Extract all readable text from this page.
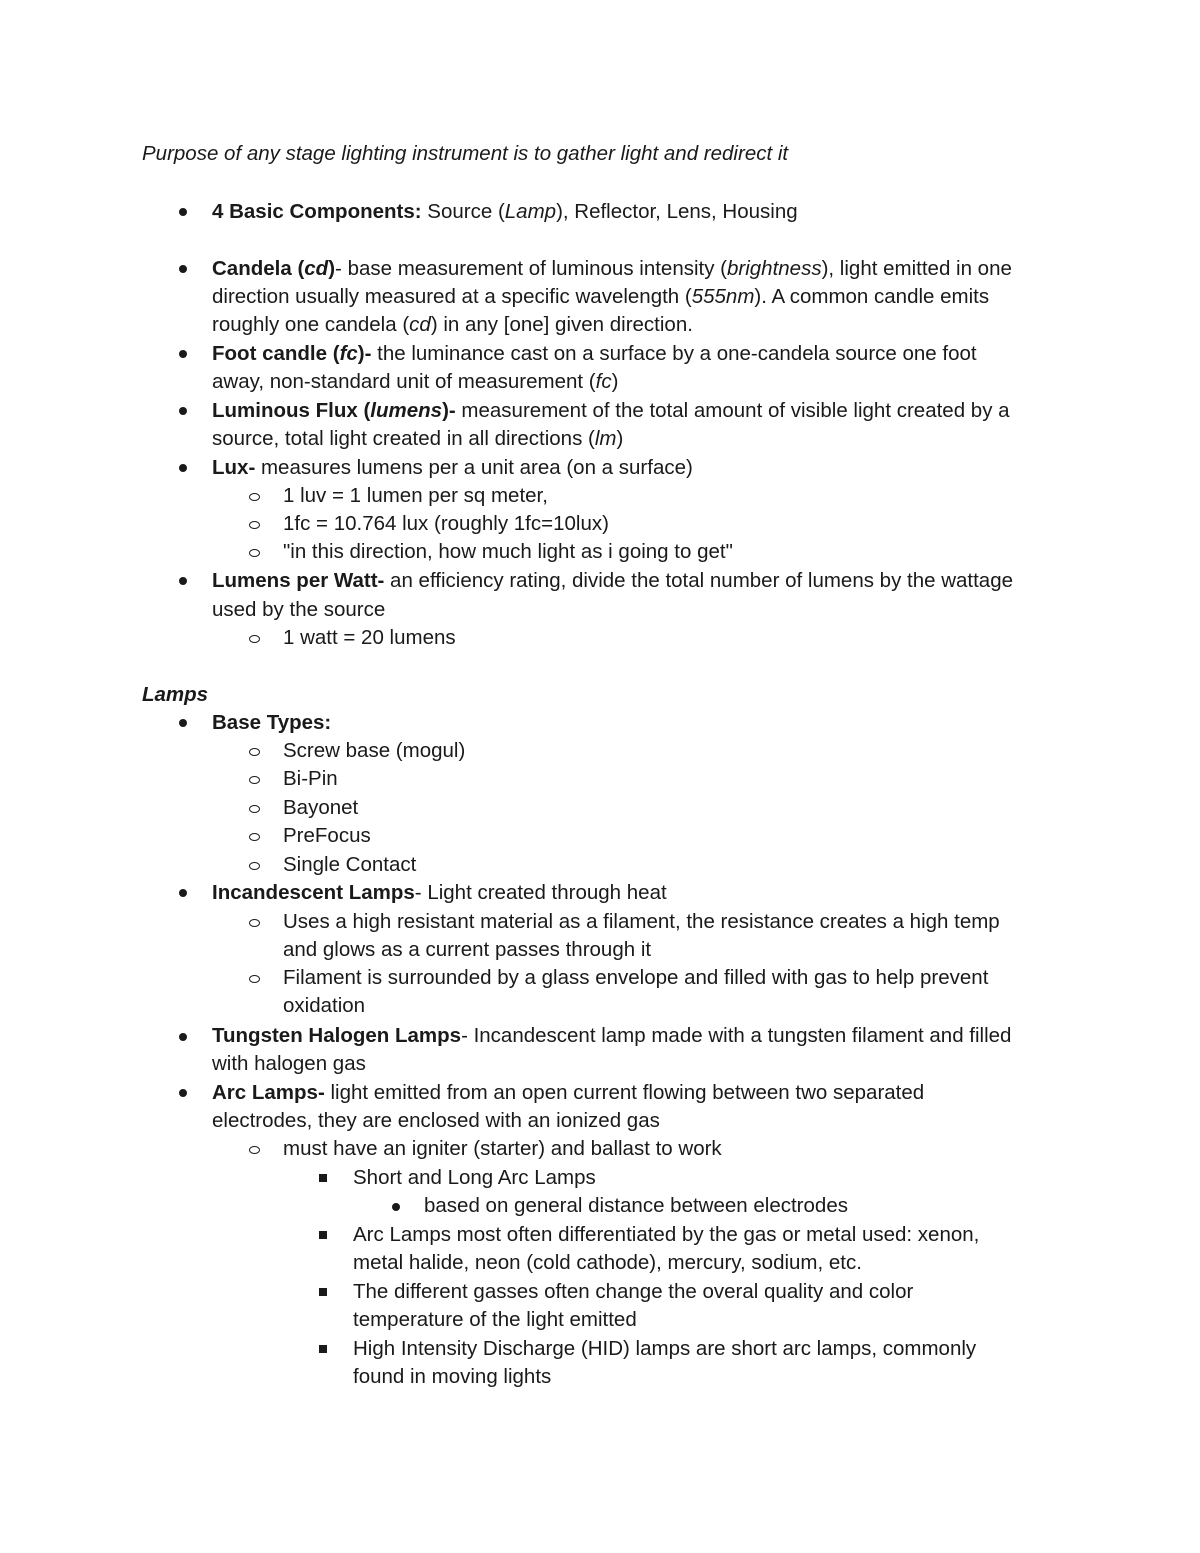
Purpose of any stage lighting instrument is to gather light and redirect it
4 Basic Components: Source (Lamp), Reflector, Lens, Housing
Candela (cd)- base measurement of luminous intensity (brightness), light emitted in one
direction usually measured at a specific wavelength (555nm). A common candle emits
roughly one candela (cd) in any [one] given direction.
Foot candle (fc)- the luminance cast on a surface by a one-candela source one foot
away, non-standard unit of measurement (fc)
Luminous Flux (lumens)- measurement of the total amount of visible light created by a
source, total light created in all directions (lm)
Lux- measures lumens per a unit area (on a surface)
1 luv = 1 lumen per sq meter,
1fc = 10.764 lux (roughly 1fc=10lux)
"in this direction, how much light as i going to get"
Lumens per Watt- an efficiency rating, divide the total number of lumens by the wattage
used by the source
1 watt = 20 lumens
Lamps
Base Types:
Screw base (mogul)
Bi-Pin
Bayonet
PreFocus
Single Contact
Incandescent Lamps- Light created through heat
Uses a high resistant material as a filament, the resistance creates a high temp
and glows as a current passes through it
Filament is surrounded by a glass envelope and filled with gas to help prevent
oxidation
Tungsten Halogen Lamps- Incandescent lamp made with a tungsten filament and filled
with halogen gas
Arc Lamps- light emitted from an open current flowing between two separated
electrodes, they are enclosed with an ionized gas
must have an igniter (starter) and ballast to work
Short and Long Arc Lamps
based on general distance between electrodes
Arc Lamps most often differentiated by the gas or metal used: xenon,
metal halide, neon (cold cathode), mercury, sodium, etc.
The different gasses often change the overal quality and color
temperature of the light emitted
High Intensity Discharge (HID) lamps are short arc lamps, commonly
found in moving lights
